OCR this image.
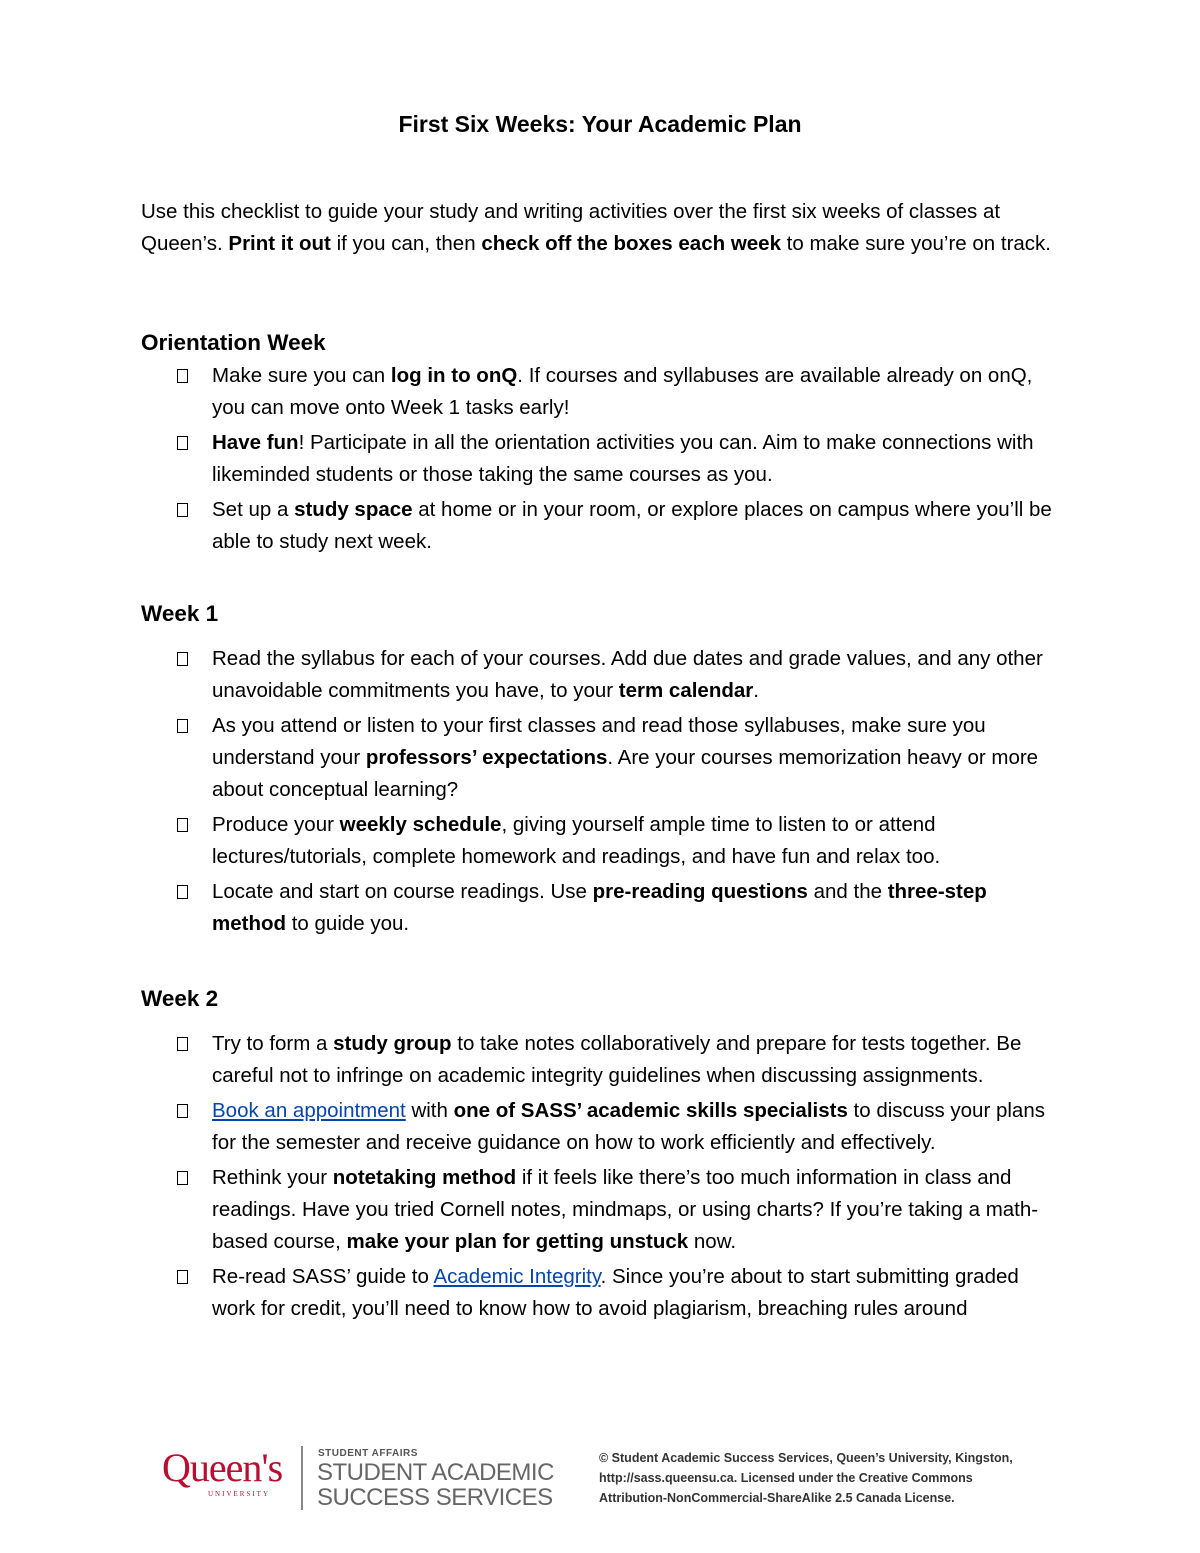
First Six Weeks: Your Academic Plan
Use this checklist to guide your study and writing activities over the first six weeks of classes at Queen’s. Print it out if you can, then check off the boxes each week to make sure you’re on track.
Orientation Week
Make sure you can log in to onQ. If courses and syllabuses are available already on onQ, you can move onto Week 1 tasks early!
Have fun! Participate in all the orientation activities you can. Aim to make connections with likeminded students or those taking the same courses as you.
Set up a study space at home or in your room, or explore places on campus where you’ll be able to study next week.
Week 1
Read the syllabus for each of your courses. Add due dates and grade values, and any other unavoidable commitments you have, to your term calendar.
As you attend or listen to your first classes and read those syllabuses, make sure you understand your professors’ expectations. Are your courses memorization heavy or more about conceptual learning?
Produce your weekly schedule, giving yourself ample time to listen to or attend lectures/tutorials, complete homework and readings, and have fun and relax too.
Locate and start on course readings. Use pre-reading questions and the three-step method to guide you.
Week 2
Try to form a study group to take notes collaboratively and prepare for tests together. Be careful not to infringe on academic integrity guidelines when discussing assignments.
Book an appointment with one of SASS’ academic skills specialists to discuss your plans for the semester and receive guidance on how to work efficiently and effectively.
Rethink your notetaking method if it feels like there’s too much information in class and readings. Have you tried Cornell notes, mindmaps, or using charts? If you’re taking a math-based course, make your plan for getting unstuck now.
Re-read SASS’ guide to Academic Integrity. Since you’re about to start submitting graded work for credit, you’ll need to know how to avoid plagiarism, breaching rules around
Queen's
UNIVERSITY
STUDENT AFFAIRS
STUDENT ACADEMIC
SUCCESS SERVICES
© Student Academic Success Services, Queen’s University, Kingston,
http://sass.queensu.ca. Licensed under the Creative Commons
Attribution-NonCommercial-ShareAlike 2.5 Canada License.
